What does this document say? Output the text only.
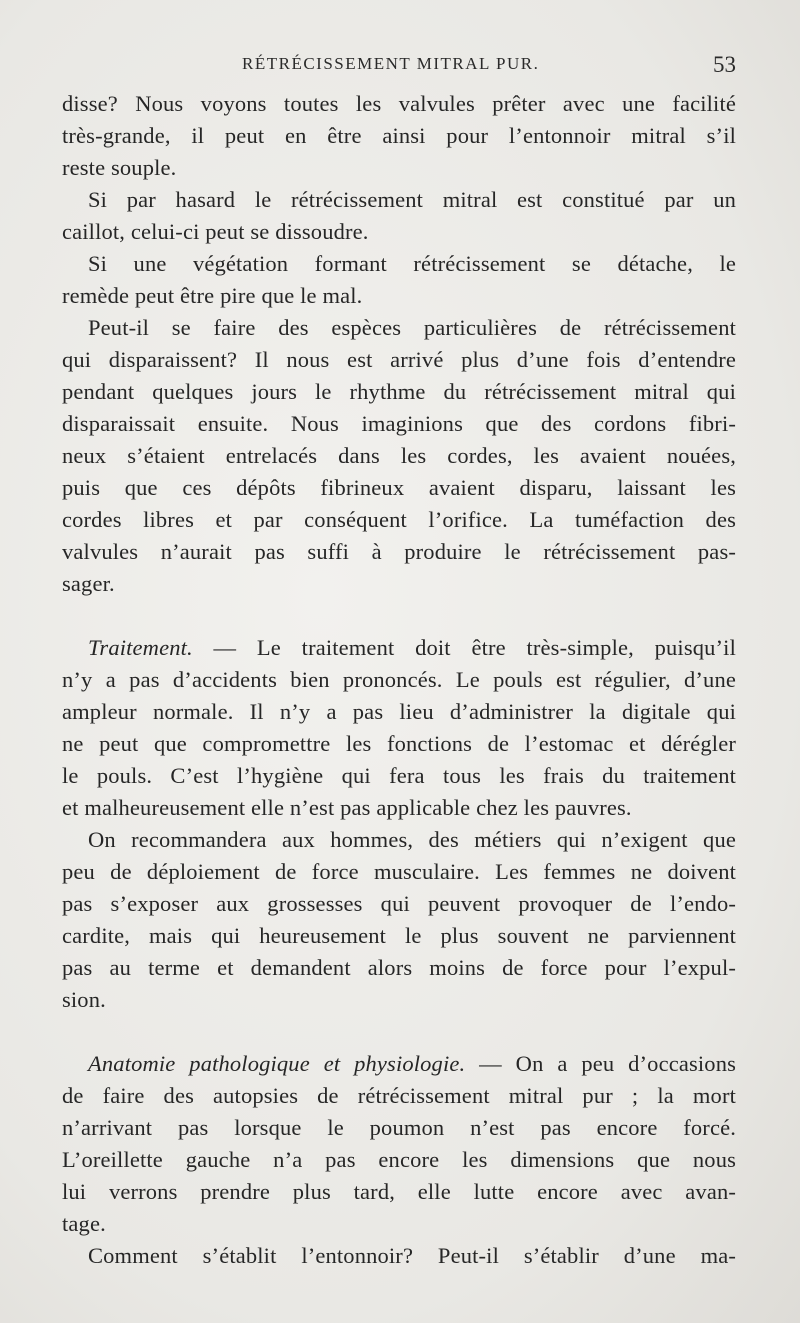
RÉTRÉCISSEMENT MITRAL PUR.	53
disse? Nous voyons toutes les valvules prêter avec une facilité
très-grande, il peut en être ainsi pour l’entonnoir mitral s’il
reste souple.
Si par hasard le rétrécissement mitral est constitué par un
caillot, celui-ci peut se dissoudre.
Si une végétation formant rétrécissement se détache, le
remède peut être pire que le mal.
Peut-il se faire des espèces particulières de rétrécissement
qui disparaissent? Il nous est arrivé plus d’une fois d’entendre
pendant quelques jours le rhythme du rétrécissement mitral qui
disparaissait ensuite. Nous imaginions que des cordons fibri-
neux s’étaient entrelacés dans les cordes, les avaient nouées,
puis que ces dépôts fibrineux avaient disparu, laissant les
cordes libres et par conséquent l’orifice. La tuméfaction des
valvules n’aurait pas suffi à produire le rétrécissement pas-
sager.
Traitement. — Le traitement doit être très-simple, puisqu’il
n’y a pas d’accidents bien prononcés. Le pouls est régulier, d’une
ampleur normale. Il n’y a pas lieu d’administrer la digitale qui
ne peut que compromettre les fonctions de l’estomac et dérégler
le pouls. C’est l’hygiène qui fera tous les frais du traitement
et malheureusement elle n’est pas applicable chez les pauvres.
On recommandera aux hommes, des métiers qui n’exigent que
peu de déploiement de force musculaire. Les femmes ne doivent
pas s’exposer aux grossesses qui peuvent provoquer de l’endo-
cardite, mais qui heureusement le plus souvent ne parviennent
pas au terme et demandent alors moins de force pour l’expul-
sion.
Anatomie pathologique et physiologie. — On a peu d’occasions
de faire des autopsies de rétrécissement mitral pur ; la mort
n’arrivant pas lorsque le poumon n’est pas encore forcé.
L’oreillette gauche n’a pas encore les dimensions que nous
lui verrons prendre plus tard, elle lutte encore avec avan-
tage.
Comment s’établit l’entonnoir? Peut-il s’établir d’une ma-
